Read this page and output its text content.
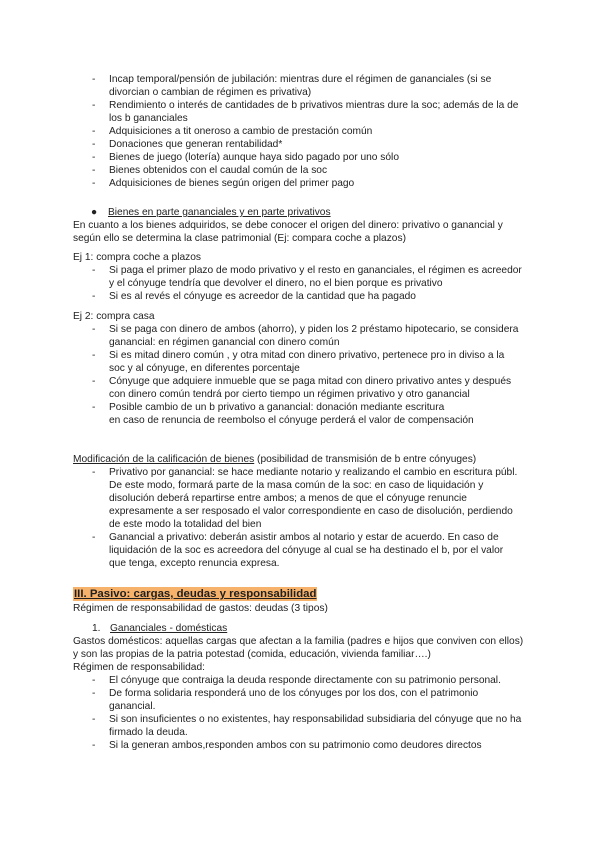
- Incap temporal/pensión de jubilación: mientras dure el régimen de gananciales (si se divorcian o cambian de régimen es privativa)
- Rendimiento o interés de cantidades de b privativos mientras dure la soc; además de la de los b gananciales
- Adquisiciones a tit oneroso a cambio de prestación común
- Donaciones que generan rentabilidad*
- Bienes de juego (lotería) aunque haya sido pagado por uno sólo
- Bienes obtenidos con el caudal común de la soc
- Adquisiciones de bienes según origen del primer pago
● Bienes en parte gananciales y en parte privativos
En cuanto a los bienes adquiridos, se debe conocer el origen del dinero: privativo o ganancial y según ello se determina la clase patrimonial (Ej: compara coche a plazos)
Ej 1: compra coche a plazos
- Si paga el primer plazo de modo privativo y el resto en gananciales, el régimen es acreedor y el cónyuge tendría que devolver el dinero, no el bien porque es privativo
- Si es al revés el cónyuge es acreedor de la cantidad que ha pagado
Ej 2: compra casa
- Si se paga con dinero de ambos (ahorro), y piden los 2 préstamo hipotecario, se considera ganancial: en régimen ganancial con dinero común
- Si es mitad dinero común , y otra mitad con dinero privativo, pertenece pro in diviso a la soc y al cónyuge, en diferentes porcentaje
- Cónyuge que adquiere inmueble que se paga mitad con dinero privativo antes y después con dinero común tendrá por cierto tiempo un régimen privativo y otro ganancial
- Posible cambio de un b privativo a ganancial: donación mediante escritura
en caso de renuncia de reembolso el cónyuge perderá el valor de compensación
Modificación de la calificación de bienes (posibilidad de transmisión de b entre cónyuges)
- Privativo por ganancial: se hace mediante notario y realizando el cambio en escritura públ. De este modo, formará parte de la masa común de la soc: en caso de liquidación y disolución deberá repartirse entre ambos; a menos de que el cónyuge renuncie expresamente a ser resposado el valor correspondiente en caso de disolución, perdiendo de este modo la totalidad del bien
- Ganancial a privativo: deberán asistir ambos al notario y estar de acuerdo. En caso de liquidación de la soc es acreedora del cónyuge al cual se ha destinado el b, por el valor que tenga, excepto renuncia expresa.
III. Pasivo: cargas, deudas y responsabilidad
Régimen de responsabilidad de gastos: deudas (3 tipos)
1. Gananciales - domésticas
Gastos domésticos: aquellas cargas que afectan a la familia (padres e hijos que conviven con ellos) y son las propias de la patria potestad (comida, educación, vivienda familiar….)
Régimen de responsabilidad:
- El cónyuge que contraiga la deuda responde directamente con su patrimonio personal.
- De forma solidaria responderá uno de los cónyuges por los dos, con el patrimonio ganancial.
- Si son insuficientes o no existentes, hay responsabilidad subsidiaria del cónyuge que no ha firmado la deuda.
- Si la generan ambos,responden ambos con su patrimonio como deudores directos
